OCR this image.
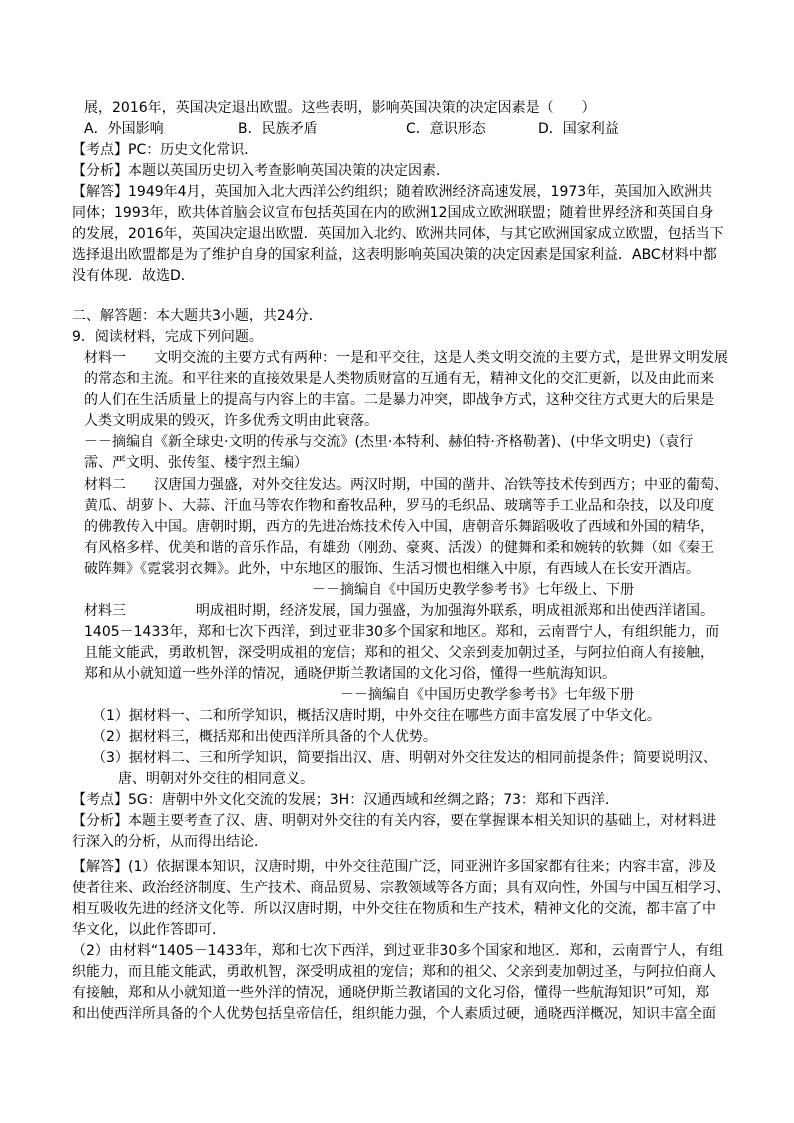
展，2016年，英国决定退出欧盟。这些表明，影响英国决策的决定因素是（　　）
A．外国影响	B．民族矛盾	C．意识形态	D．国家利益
【考点】PC：历史文化常识．
【分析】本题以英国历史切入考查影响英国决策的决定因素．
【解答】1949年4月，英国加入北大西洋公约组织；随着欧洲经济高速发展，1973年，英国加入欧洲共
同体；1993年，欧共体首脑会议宣布包括英国在内的欧洲12国成立欧洲联盟；随着世界经济和英国自身
的发展，2016年，英国决定退出欧盟．英国加入北约、欧洲共同体，与其它欧洲国家成立欧盟，包括当下
选择退出欧盟都是为了维护自身的国家利益，这表明影响英国决策的决定因素是国家利益．ABC材料中都
没有体现．故选D．
二、解答题：本大题共3小题，共24分．
9．阅读材料，完成下列问题。
材料一　　文明交流的主要方式有两种：一是和平交往，这是人类文明交流的主要方式，是世界文明发展
的常态和主流。和平往来的直接效果是人类物质财富的互通有无，精神文化的交汇更新，以及由此而来
的人们在生活质量上的提高与内容上的丰富。二是暴力冲突，即战争方式，这种交往方式更大的后果是
人类文明成果的毁灭，许多优秀文明由此衰落。
－－摘编自《新全球史·文明的传承与交流》(杰里·本特利、赫伯特·齐格勒著)、(中华文明史)（袁行
霈、严文明、张传玺、楼宇烈主编）
材料二　　汉唐国力强盛，对外交往发达。两汉时期，中国的凿井、冶铁等技术传到西方；中亚的葡萄、
黄瓜、胡萝卜、大蒜、汗血马等农作物和畜牧品种，罗马的毛织品、玻璃等手工业品和杂技，以及印度
的佛教传入中国。唐朝时期，西方的先进冶炼技术传入中国，唐朝音乐舞蹈吸收了西域和外国的精华，
有风格多样、优美和谐的音乐作品，有雄劲（刚劲、豪爽、活泼）的健舞和柔和婉转的软舞（如《秦王
破阵舞》《霓裳羽衣舞》。此外，中东地区的服饰、生活习惯也相继入中原，有西域人在长安开酒店。
－－摘编自《中国历史教学参考书》七年级上、下册
材料三　　　　　明成祖时期，经济发展，国力强盛，为加强海外联系，明成祖派郑和出使西洋诸国。
1405－1433年，郑和七次下西洋，到过亚非30多个国家和地区。郑和，云南晋宁人，有组织能力，而
且能文能武，勇敢机智，深受明成祖的宠信；郑和的祖父、父亲到麦加朝过圣，与阿拉伯商人有接触，
郑和从小就知道一些外洋的情况，通晓伊斯兰教诸国的文化习俗，懂得一些航海知识。
－－摘编自《中国历史教学参考书》七年级下册
（1）据材料一、二和所学知识，概括汉唐时期，中外交往在哪些方面丰富发展了中华文化。
（2）据材料三，概括郑和出使西洋所具备的个人优势。
（3）据材料二、三和所学知识，简要指出汉、唐、明朝对外交往发达的相同前提条件；简要说明汉、
唐、明朝对外交往的相同意义。
【考点】5G：唐朝中外文化交流的发展；3H：汉通西域和丝绸之路；73：郑和下西洋．
【分析】本题主要考查了汉、唐、明朝对外交往的有关内容，要在掌握课本相关知识的基础上，对材料进
行深入的分析，从而得出结论．
【解答】(1）依据课本知识，汉唐时期，中外交往范围广泛，同亚洲许多国家都有往来；内容丰富，涉及
使者往来、政治经济制度、生产技术、商品贸易、宗教领域等各方面；具有双向性，外国与中国互相学习、
相互吸收先进的经济文化等．所以汉唐时期，中外交往在物质和生产技术，精神文化的交流，都丰富了中
华文化，以此作答即可．
（2）由材料“1405－1433年，郑和七次下西洋，到过亚非30多个国家和地区．郑和，云南晋宁人，有组
织能力，而且能文能武，勇敢机智，深受明成祖的宠信；郑和的祖父、父亲到麦加朝过圣，与阿拉伯商人
有接触，郑和从小就知道一些外洋的情况，通晓伊斯兰教诸国的文化习俗，懂得一些航海知识”可知，郑
和出使西洋所具备的个人优势包括皇帝信任，组织能力强，个人素质过硬，通晓西洋概况，知识丰富全面
